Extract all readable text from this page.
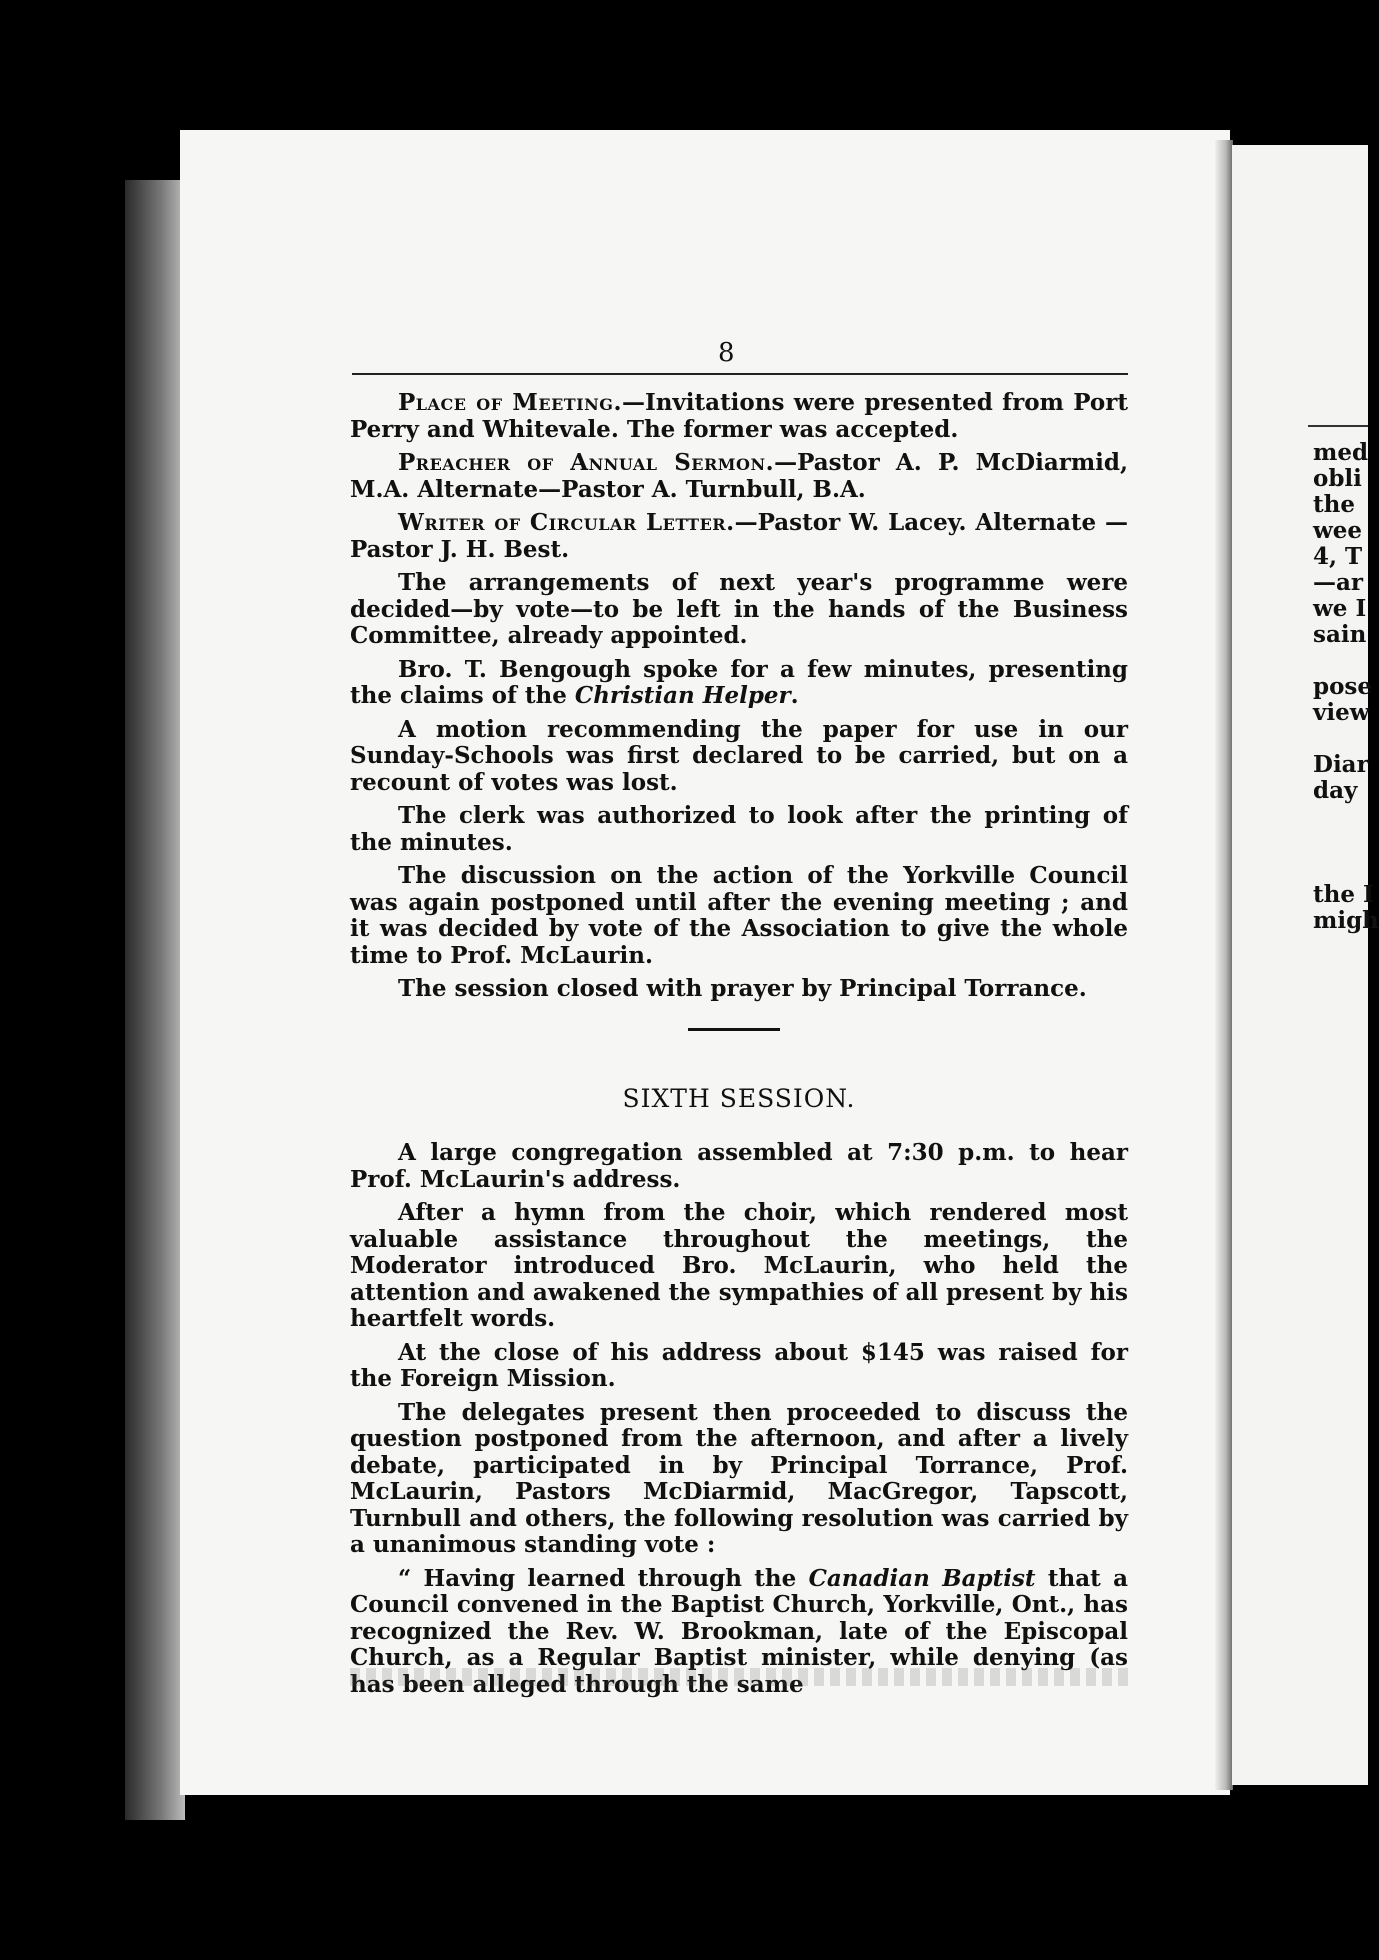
med
obli
the
wee
4, T
—ar
we I
sain

pose
view

Diar
day

the I
migh
8

Place of Meeting.—Invitations were presented from Port Perry and Whitevale. The former was accepted.

Preacher of Annual Sermon.—Pastor A. P. McDiarmid, M.A. Alternate—Pastor A. Turnbull, B.A.

Writer of Circular Letter.—Pastor W. Lacey. Alternate —Pastor J. H. Best.

The arrangements of next year's programme were decided—by vote—to be left in the hands of the Business Committee, already appointed.

Bro. T. Bengough spoke for a few minutes, presenting the claims of the Christian Helper.

A motion recommending the paper for use in our Sunday-Schools was first declared to be carried, but on a recount of votes was lost.

The clerk was authorized to look after the printing of the minutes.

The discussion on the action of the Yorkville Council was again postponed until after the evening meeting ; and it was decided by vote of the Association to give the whole time to Prof. McLaurin.

The session closed with prayer by Principal Torrance.

SIXTH SESSION.

A large congregation assembled at 7:30 p.m. to hear Prof. McLaurin's address.

After a hymn from the choir, which rendered most valuable assistance throughout the meetings, the Moderator introduced Bro. McLaurin, who held the attention and awakened the sympathies of all present by his heartfelt words.

At the close of his address about $145 was raised for the Foreign Mission.

The delegates present then proceeded to discuss the question postponed from the afternoon, and after a lively debate, participated in by Principal Torrance, Prof. McLaurin, Pastors McDiarmid, MacGregor, Tapscott, Turnbull and others, the following resolution was carried by a unanimous standing vote :

“ Having learned through the Canadian Baptist that a Council convened in the Baptist Church, Yorkville, Ont., has recognized the Rev. W. Brookman, late of the Episcopal Church, as a Regular Baptist minister, while denying (as has been alleged through the same
